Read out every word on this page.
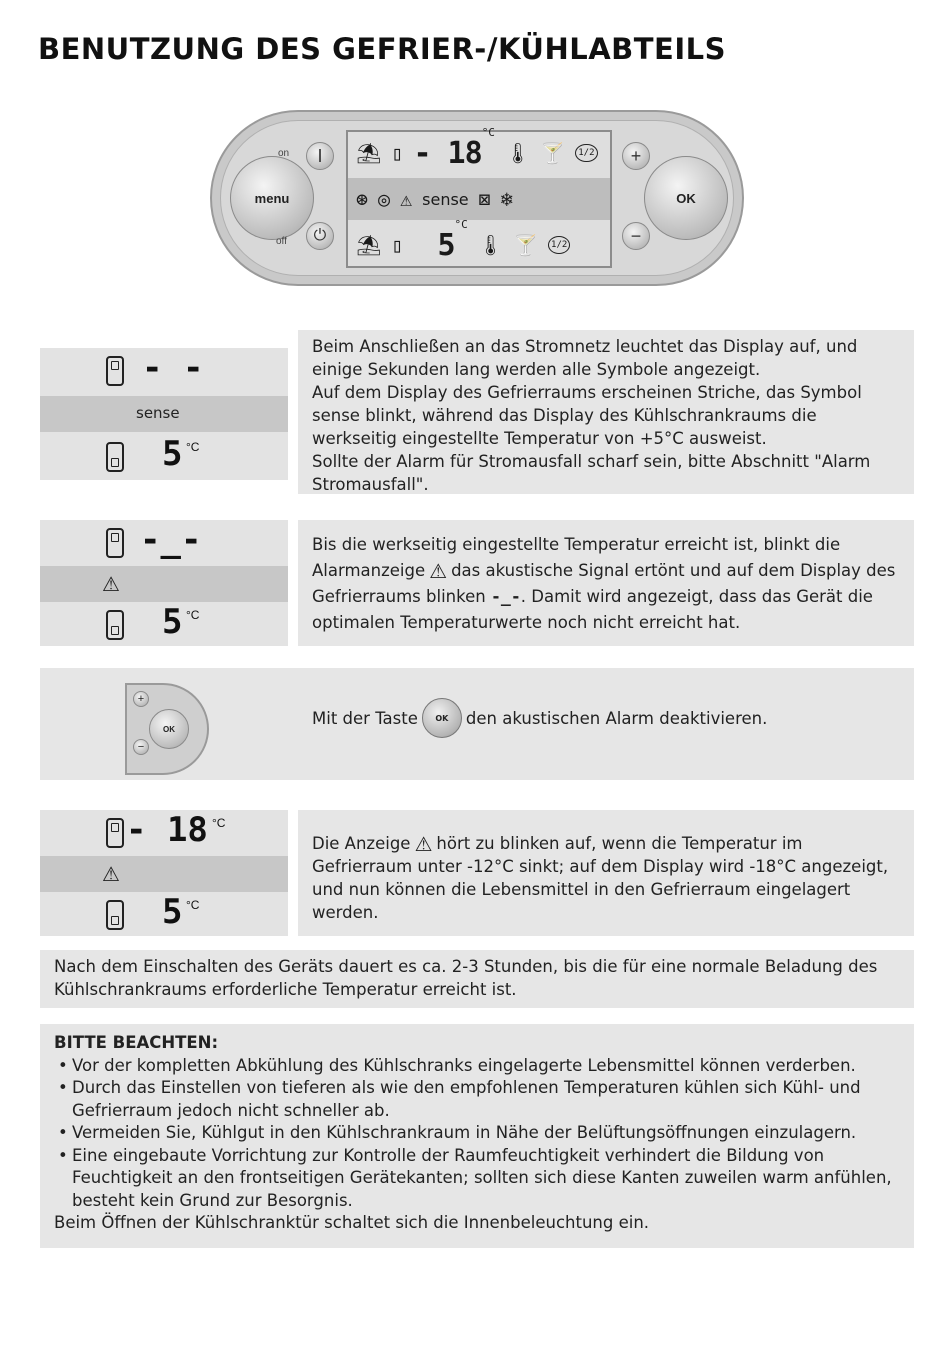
BENUTZUNG DES GEFRIER-/KÜHLABTEILS
menu
on	I
off	⏻
⛱ ▯ - $18^{^\circ C}$
🌡 🍸	1/2
⊛ ◎ ⚠ sense ⊠ ❄
⛱ ▯ $5^{^\circ C}$
🌡 🍸	1/2
+
−
OK
- -
sense
5 °C

Beim Anschließen an das Stromnetz leuchtet das Display auf, und einige Sekunden lang werden alle Symbole angezeigt.

Auf dem Display des Gefrierraums erscheinen Striche, das Symbol sense blinkt, während das Display des Kühlschrankraums die werkseitig eingestellte Temperatur von +5°C ausweist.

Sollte der Alarm für Stromausfall scharf sein, bitte Abschnitt "Alarm Stromausfall".

-_-
⚠
5 °C

Bis die werkseitig eingestellte Temperatur erreicht ist, blinkt die Alarmanzeige ⚠ das akustische Signal ertönt und auf dem Display des Gefrierraums blinken -_-. Damit wird angezeigt, dass das Gerät die optimalen Temperaturwerte noch nicht erreicht hat.

+
OK
−
Mit der Taste	OK	den akustischen Alarm deaktivieren.
- 18 °C
⚠
5 °C

Die Anzeige ⚠ hört zu blinken auf, wenn die Temperatur im Gefrierraum unter -12°C sinkt; auf dem Display wird -18°C angezeigt, und nun können die Lebensmittel in den Gefrierraum eingelagert werden.

Nach dem Einschalten des Geräts dauert es ca. 2-3 Stunden, bis die für eine normale Beladung des Kühlschrankraums erforderliche Temperatur erreicht ist.

BITTE BEACHTEN:
• Vor der kompletten Abkühlung des Kühlschranks eingelagerte Lebensmittel können verderben.
• Durch das Einstellen von tieferen als wie den empfohlenen Temperaturen kühlen sich Kühl- und Gefrierraum jedoch nicht schneller ab.
• Vermeiden Sie, Kühlgut in den Kühlschrankraum in Nähe der Belüftungsöffnungen einzulagern.
• Eine eingebaute Vorrichtung zur Kontrolle der Raumfeuchtigkeit verhindert die Bildung von Feuchtigkeit an den frontseitigen Gerätekanten; sollten sich diese Kanten zuweilen warm anfühlen, besteht kein Grund zur Besorgnis.

Beim Öffnen der Kühlschranktür schaltet sich die Innenbeleuchtung ein.
